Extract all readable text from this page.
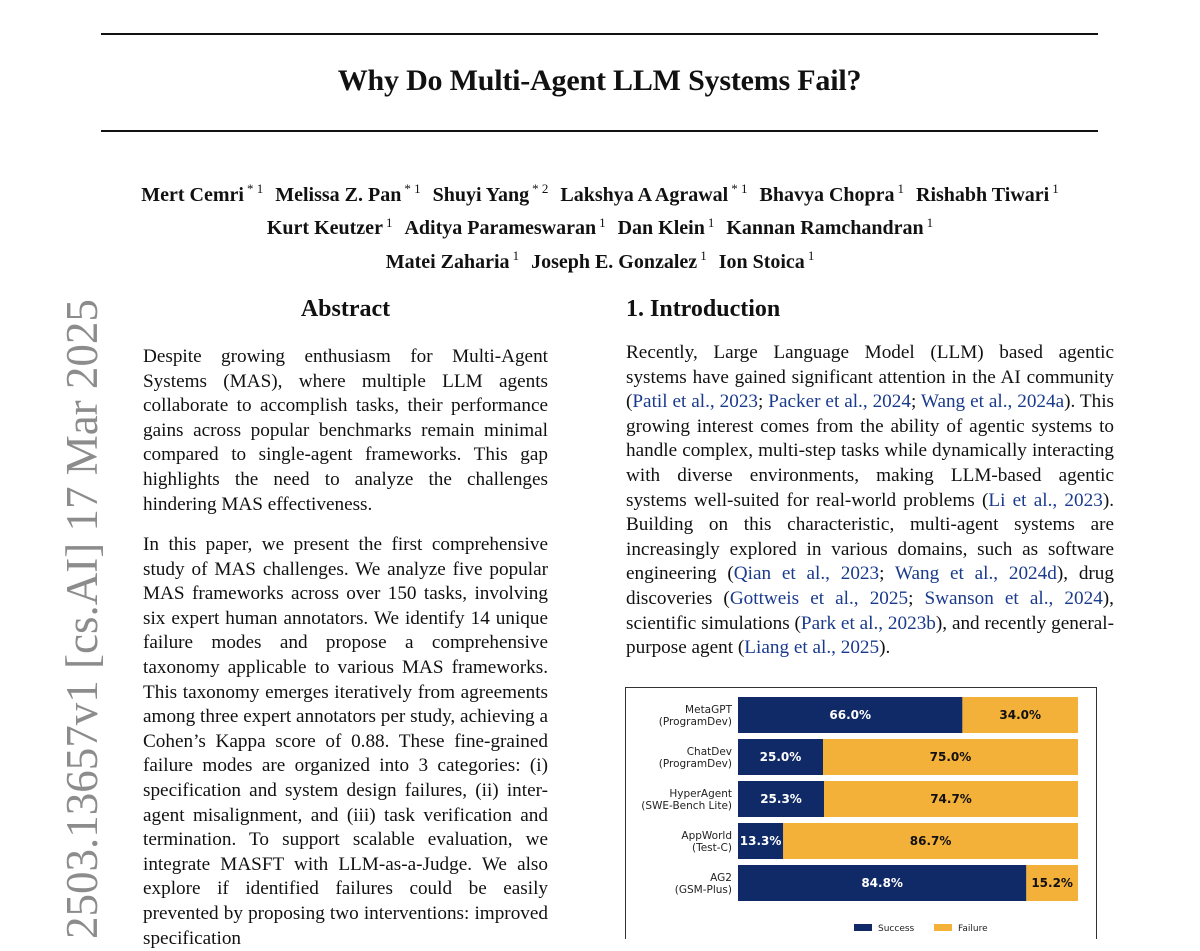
Why Do Multi-Agent LLM Systems Fail?
Mert Cemri $^{* 1}$ Melissa Z. Pan $^{* 1}$ Shuyi Yang $^{* 2}$ Lakshya A Agrawal $^{* 1}$ Bhavya Chopra $^1$ Rishabh Tiwari $^1$
Kurt Keutzer $^1$ Aditya Parameswaran $^1$ Dan Klein $^1$ Kannan Ramchandran $^1$
Matei Zaharia $^1$ Joseph E. Gonzalez $^1$ Ion Stoica $^1$
2503.13657v1 [cs.AI] 17 Mar 2025	Abstract

Despite growing enthusiasm for Multi-Agent Systems (MAS), where multiple LLM agents collaborate to accomplish tasks, their performance gains across popular benchmarks remain minimal compared to single-agent frameworks. This gap highlights the need to analyze the challenges hindering MAS effectiveness.

In this paper, we present the first comprehensive study of MAS challenges. We analyze five popular MAS frameworks across over 150 tasks, involving six expert human annotators. We identify 14 unique failure modes and propose a comprehensive taxonomy applicable to various MAS frameworks. This taxonomy emerges iteratively from agreements among three expert annotators per study, achieving a Cohen’s Kappa score of 0.88. These fine-grained failure modes are organized into 3 categories: (i) specification and system design failures, (ii) inter-agent misalignment, and (iii) task verification and termination. To support scalable evaluation, we integrate MASFT with LLM-as-a-Judge. We also explore if identified failures could be easily prevented by proposing two interventions: improved specification

1. Introduction

Recently, Large Language Model (LLM) based agentic systems have gained significant attention in the AI community (Patil et al., 2023; Packer et al., 2024; Wang et al., 2024a). This growing interest comes from the ability of agentic systems to handle complex, multi-step tasks while dynamically interacting with diverse environments, making LLM-based agentic systems well-suited for real-world problems (Li et al., 2023). Building on this characteristic, multi-agent systems are increasingly explored in various domains, such as software engineering (Qian et al., 2023; Wang et al., 2024d), drug discoveries (Gottweis et al., 2025; Swanson et al., 2024), scientific simulations (Park et al., 2023b), and recently general-purpose agent (Liang et al., 2025).

MetaGPT (ProgramDev)	66.0%	34.0%
ChatDev (ProgramDev) 25.0%	75.0%
HyperAgent (SWE-Bench Lite) 25.3%	74.7%
AppWorld (Test-C) 13.3%	86.7%
AG2 (GSM-Plus)	84.8%	15.2%
Success	Failure
